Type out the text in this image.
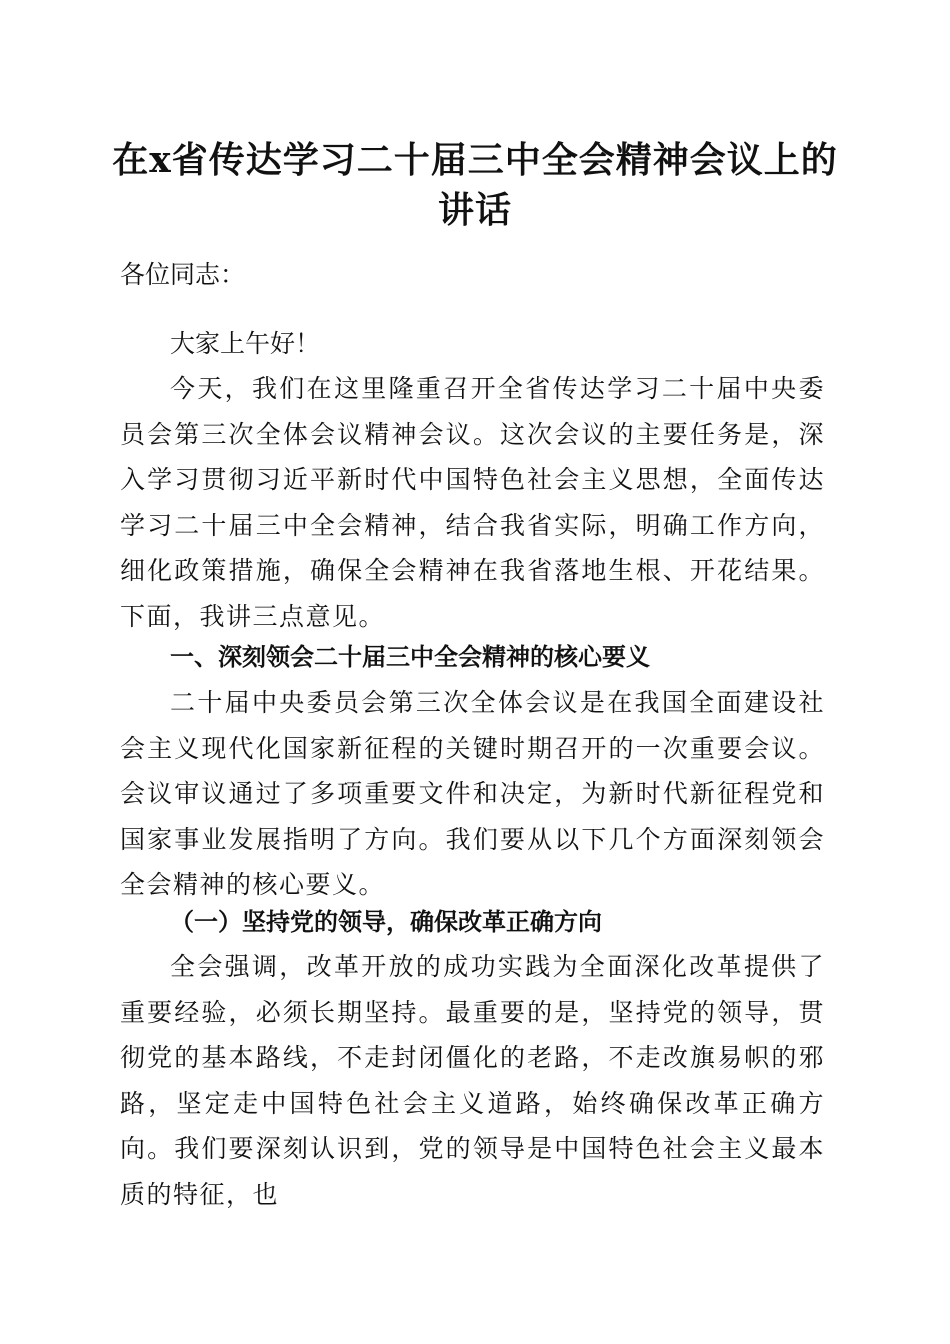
在x省传达学习二十届三中全会精神会议上的
讲话
各位同志：
大家上午好！
今天，我们在这里隆重召开全省传达学习二十届中央委员会第三次全体会议精神会议。这次会议的主要任务是，深入学习贯彻习近平新时代中国特色社会主义思想，全面传达学习二十届三中全会精神，结合我省实际，明确工作方向，细化政策措施，确保全会精神在我省落地生根、开花结果。下面，我讲三点意见。
一、深刻领会二十届三中全会精神的核心要义
二十届中央委员会第三次全体会议是在我国全面建设社会主义现代化国家新征程的关键时期召开的一次重要会议。会议审议通过了多项重要文件和决定，为新时代新征程党和国家事业发展指明了方向。我们要从以下几个方面深刻领会全会精神的核心要义。
（一）坚持党的领导，确保改革正确方向
全会强调，改革开放的成功实践为全面深化改革提供了重要经验，必须长期坚持。最重要的是，坚持党的领导，贯彻党的基本路线，不走封闭僵化的老路，不走改旗易帜的邪路，坚定走中国特色社会主义道路，始终确保改革正确方向。我们要深刻认识到，党的领导是中国特色社会主义最本质的特征，也
